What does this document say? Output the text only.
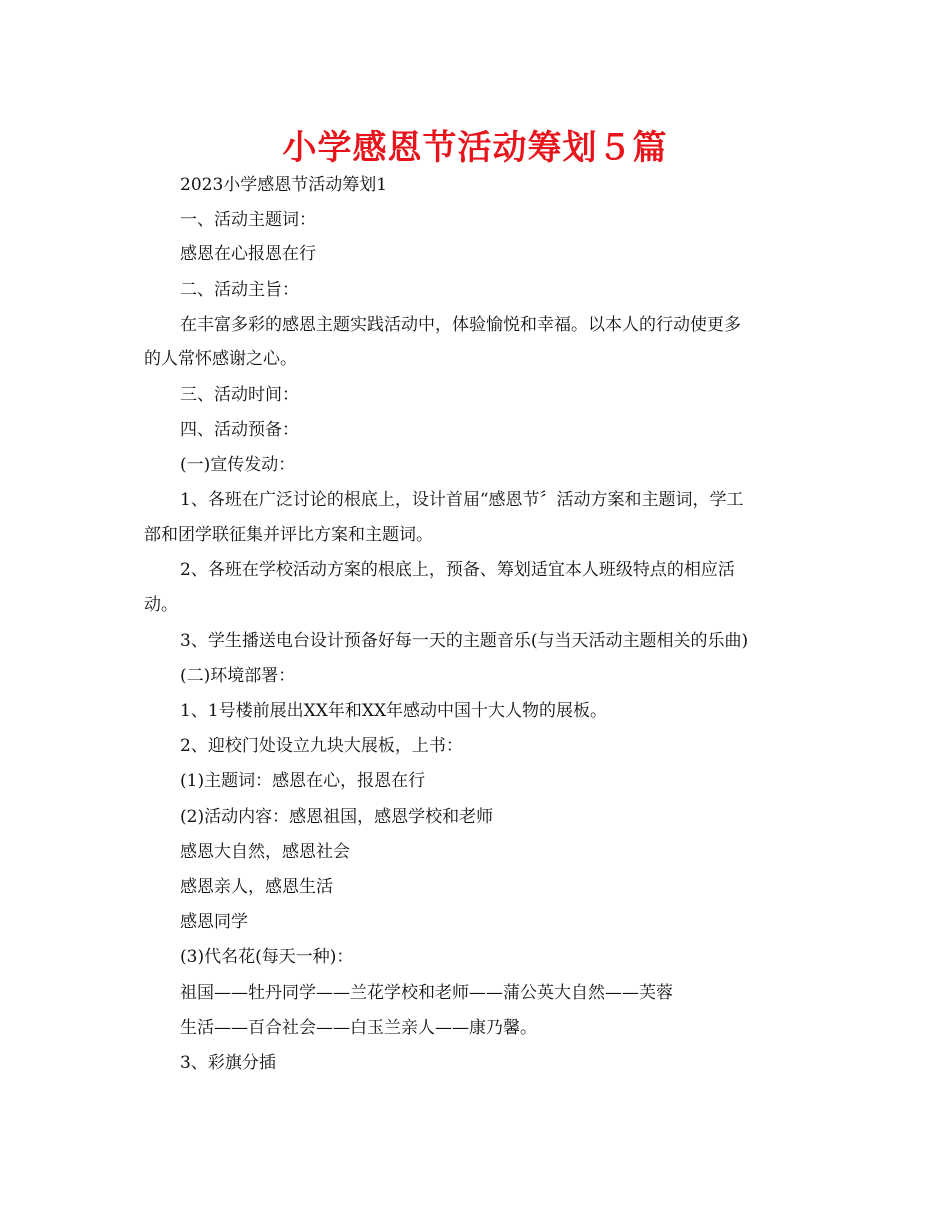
小学感恩节活动筹划５篇

2023小学感恩节活动筹划1

一、活动主题词：

感恩在心报恩在行

二、活动主旨：

在丰富多彩的感恩主题实践活动中，体验愉悦和幸福。以本人的行动使更多

的人常怀感谢之心。

三、活动时间：

四、活动预备：

(一)宣传发动：

1、各班在广泛讨论的根底上，设计首届“感恩节〞活动方案和主题词，学工

部和团学联征集并评比方案和主题词。

2、各班在学校活动方案的根底上，预备、筹划适宜本人班级特点的相应活

动。

3、学生播送电台设计预备好每一天的主题音乐(与当天活动主题相关的乐曲)

(二)环境部署：

1、1号楼前展出XX年和XX年感动中国十大人物的展板。

2、迎校门处设立九块大展板，上书：

(1)主题词：感恩在心，报恩在行

(2)活动内容：感恩祖国，感恩学校和老师

感恩大自然，感恩社会

感恩亲人，感恩生活

感恩同学

(3)代名花(每天一种)：

祖国——牡丹同学——兰花学校和老师——蒲公英大自然——芙蓉

生活——百合社会——白玉兰亲人——康乃馨。

3、彩旗分插
